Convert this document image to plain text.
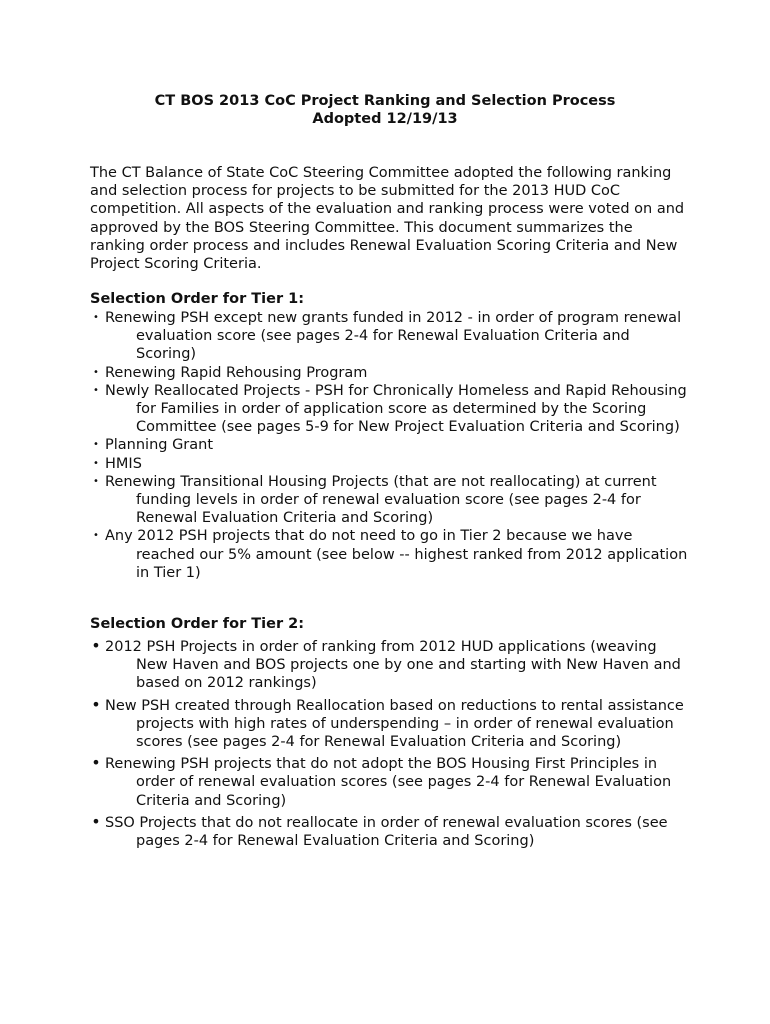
CT BOS 2013 CoC Project Ranking and Selection Process
Adopted 12/19/13

The CT Balance of State CoC Steering Committee adopted the following ranking and selection process for projects to be submitted for the 2013 HUD CoC competition. All aspects of the evaluation and ranking process were voted on and approved by the BOS Steering Committee. This document summarizes the ranking order process and includes Renewal Evaluation Scoring Criteria and New Project Scoring Criteria.

Selection Order for Tier 1:
• Renewing PSH except new grants funded in 2012 - in order of program renewal evaluation score (see pages 2-4 for Renewal Evaluation Criteria and Scoring)
• Renewing Rapid Rehousing Program
• Newly Reallocated Projects - PSH for Chronically Homeless and Rapid Rehousing for Families in order of application score as determined by the Scoring Committee (see pages 5-9 for New Project Evaluation Criteria and Scoring)
• Planning Grant
• HMIS
• Renewing Transitional Housing Projects (that are not reallocating) at current funding levels in order of renewal evaluation score (see pages 2-4 for Renewal Evaluation Criteria and Scoring)
• Any 2012 PSH projects that do not need to go in Tier 2 because we have reached our 5% amount (see below -- highest ranked from 2012 application in Tier 1)
Selection Order for Tier 2:
• 2012 PSH Projects in order of ranking from 2012 HUD applications (weaving New Haven and BOS projects one by one and starting with New Haven and based on 2012 rankings)
• New PSH created through Reallocation based on reductions to rental assistance projects with high rates of underspending – in order of renewal evaluation scores (see pages 2-4 for Renewal Evaluation Criteria and Scoring)
• Renewing PSH projects that do not adopt the BOS Housing First Principles in order of renewal evaluation scores (see pages 2-4 for Renewal Evaluation Criteria and Scoring)
• SSO Projects that do not reallocate in order of renewal evaluation scores (see pages 2-4 for Renewal Evaluation Criteria and Scoring)
